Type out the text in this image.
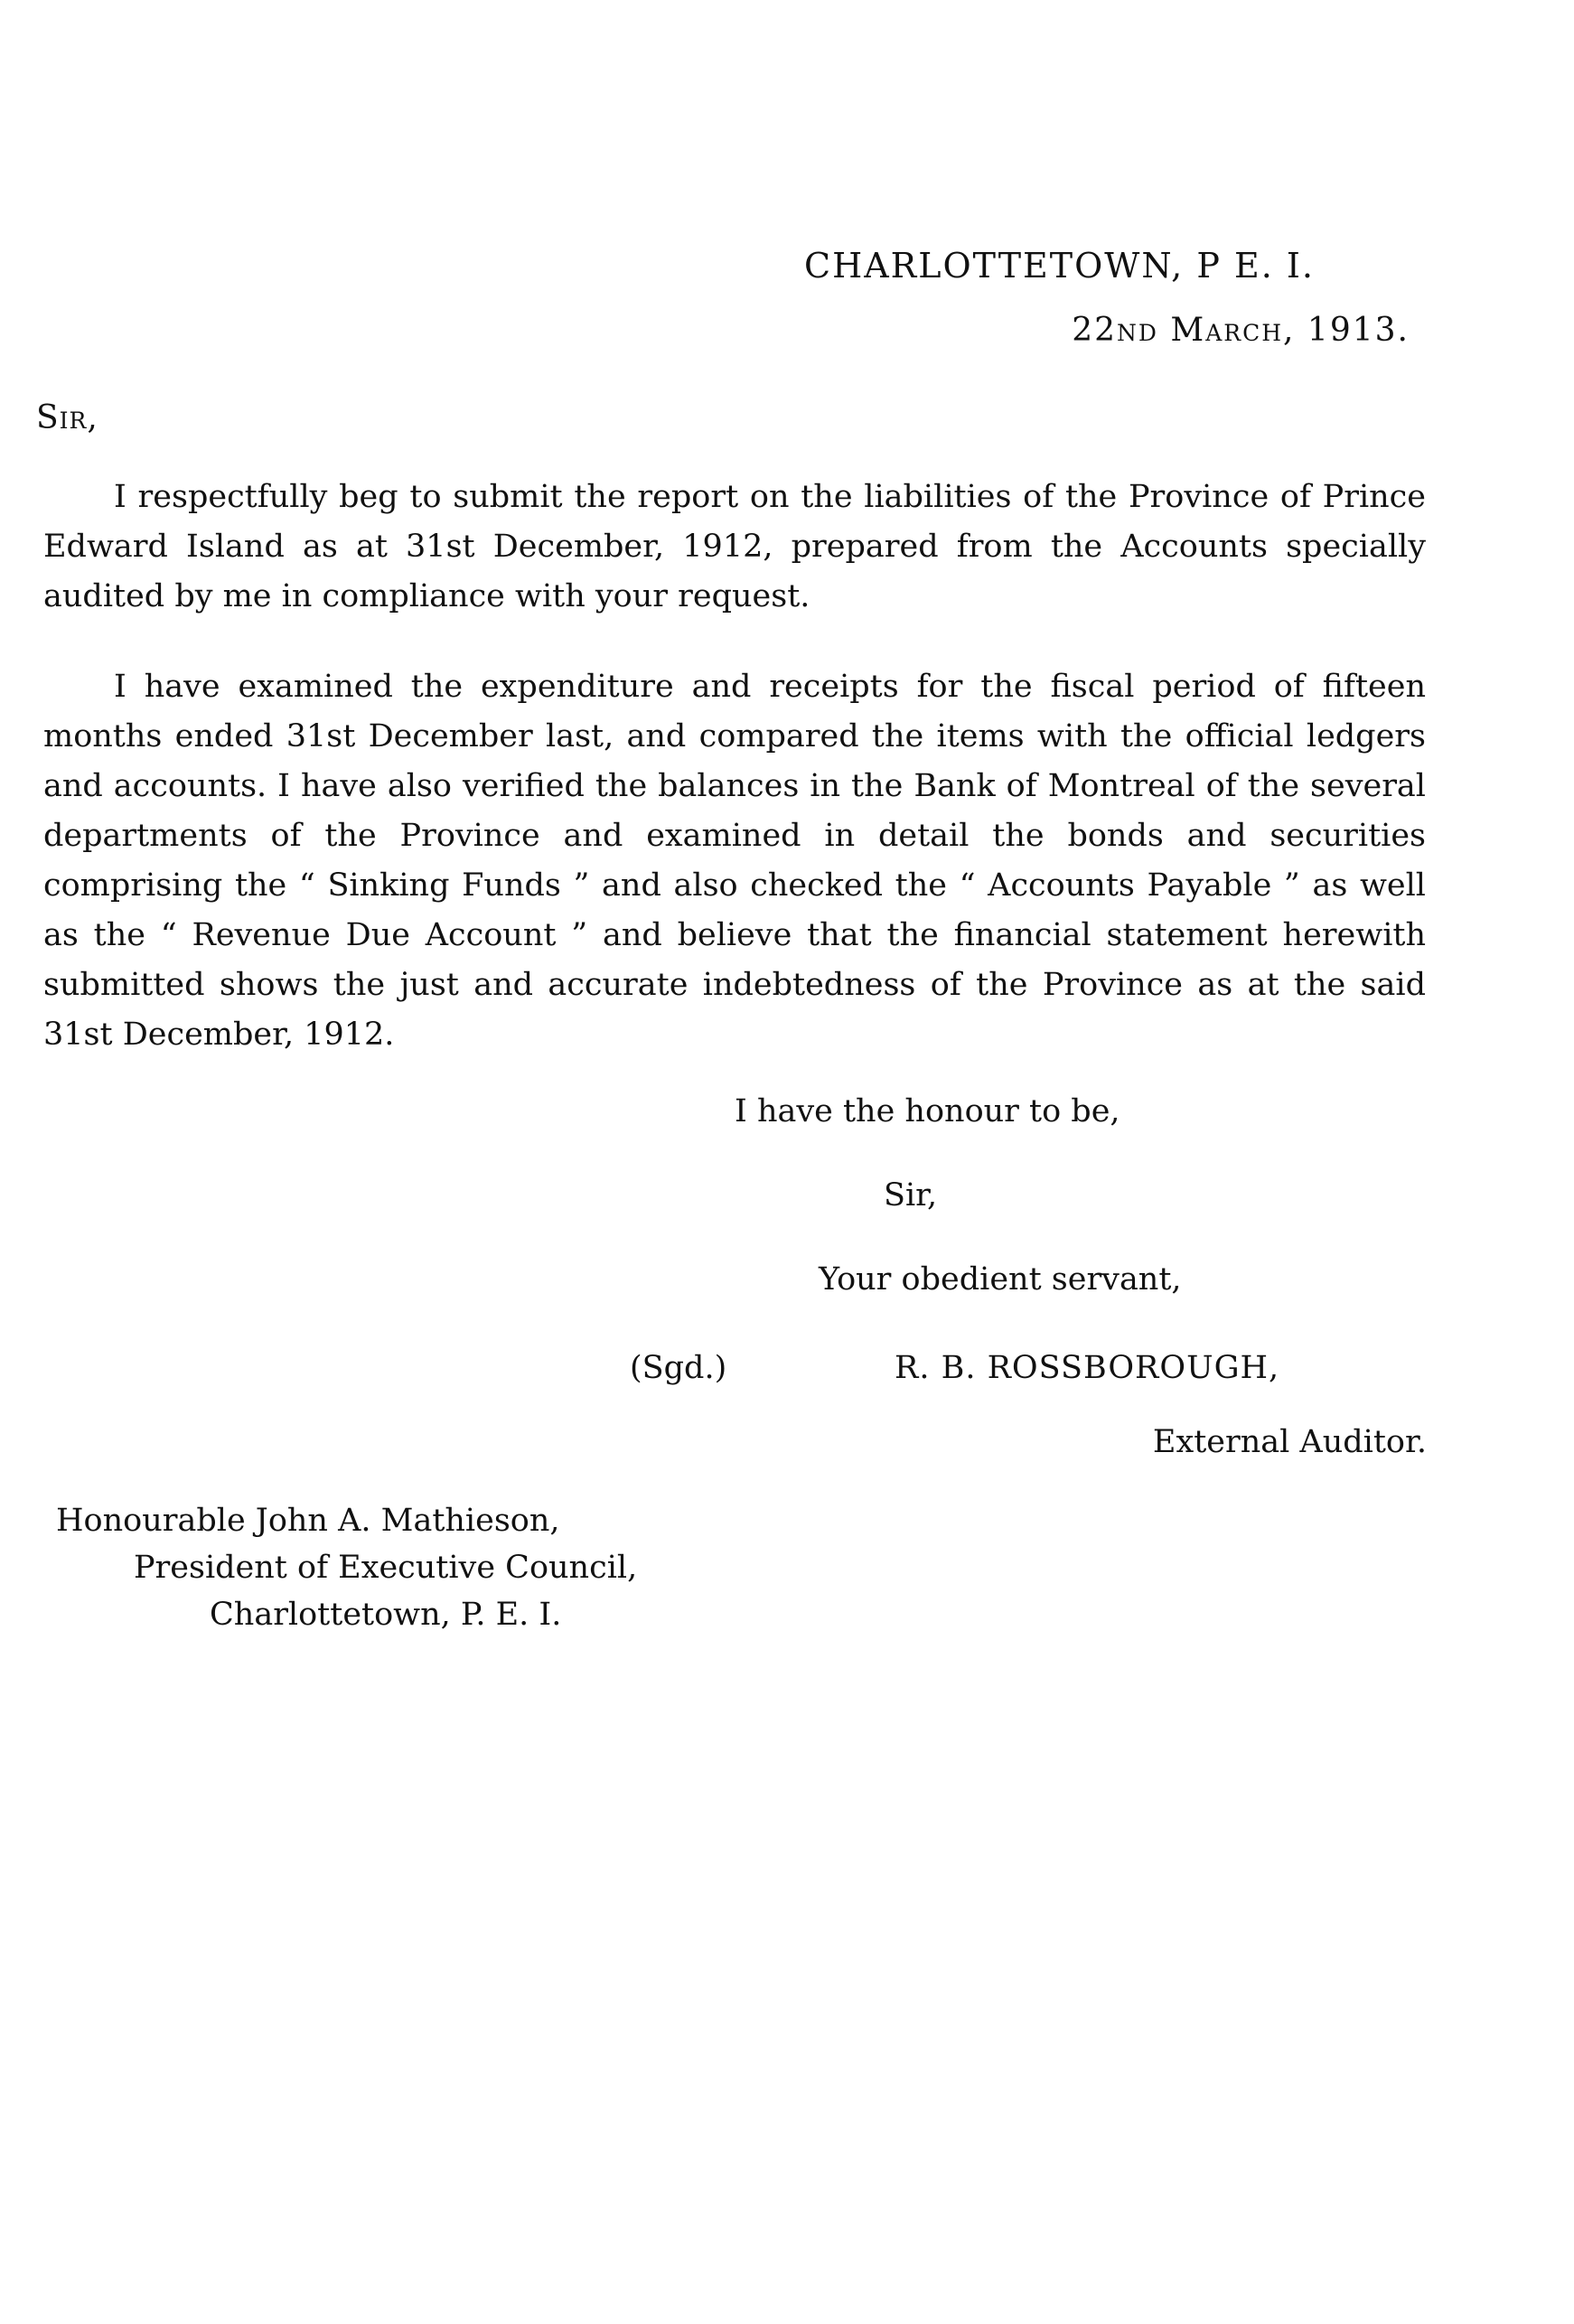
CHARLOTTETOWN, P E. I.
22nd March, 1913.
Sir,

I respectfully beg to submit the report on the liabilities of the Province of Prince Edward Island as at 31st December, 1912, prepared from the Accounts specially audited by me in compliance with your request.

I have examined the expenditure and receipts for the fiscal period of fifteen months ended 31st December last, and compared the items with the official ledgers and accounts. I have also verified the balances in the Bank of Montreal of the several departments of the Province and examined in detail the bonds and securities comprising the “ Sinking Funds ” and also checked the “ Accounts Payable ” as well as the “ Revenue Due Account ” and believe that the financial statement herewith submitted shows the just and accurate indebtedness of the Province as at the said 31st December, 1912.

I have the honour to be,
Sir,
Your obedient servant,
(Sgd.)	R. B. ROSSBOROUGH,
External Auditor.
Honourable John A. Mathieson,
President of Executive Council,
Charlottetown, P. E. I.
